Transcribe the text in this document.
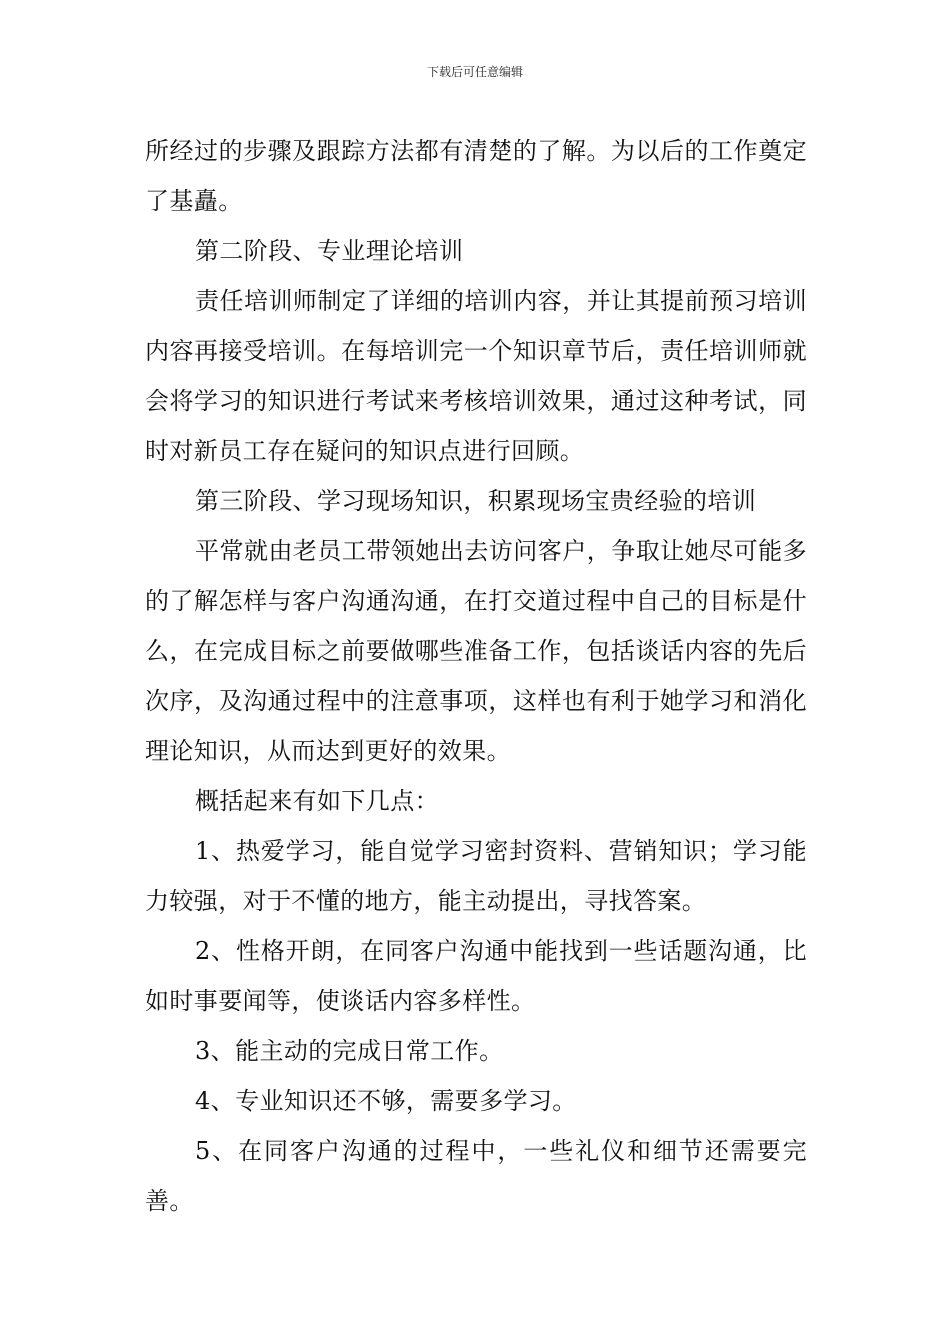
下载后可任意编辑

所经过的步骤及跟踪方法都有清楚的了解。为以后的工作奠定了基矗。

第二阶段、专业理论培训

责任培训师制定了详细的培训内容，并让其提前预习培训内容再接受培训。在每培训完一个知识章节后，责任培训师就会将学习的知识进行考试来考核培训效果，通过这种考试，同时对新员工存在疑问的知识点进行回顾。

第三阶段、学习现场知识，积累现场宝贵经验的培训

平常就由老员工带领她出去访问客户，争取让她尽可能多的了解怎样与客户沟通沟通，在打交道过程中自己的目标是什么，在完成目标之前要做哪些准备工作，包括谈话内容的先后次序，及沟通过程中的注意事项，这样也有利于她学习和消化理论知识，从而达到更好的效果。

概括起来有如下几点：

1、热爱学习，能自觉学习密封资料、营销知识；学习能力较强，对于不懂的地方，能主动提出，寻找答案。

2、性格开朗，在同客户沟通中能找到一些话题沟通，比如时事要闻等，使谈话内容多样性。

3、能主动的完成日常工作。

4、专业知识还不够，需要多学习。

5、在同客户沟通的过程中，一些礼仪和细节还需要完善。
